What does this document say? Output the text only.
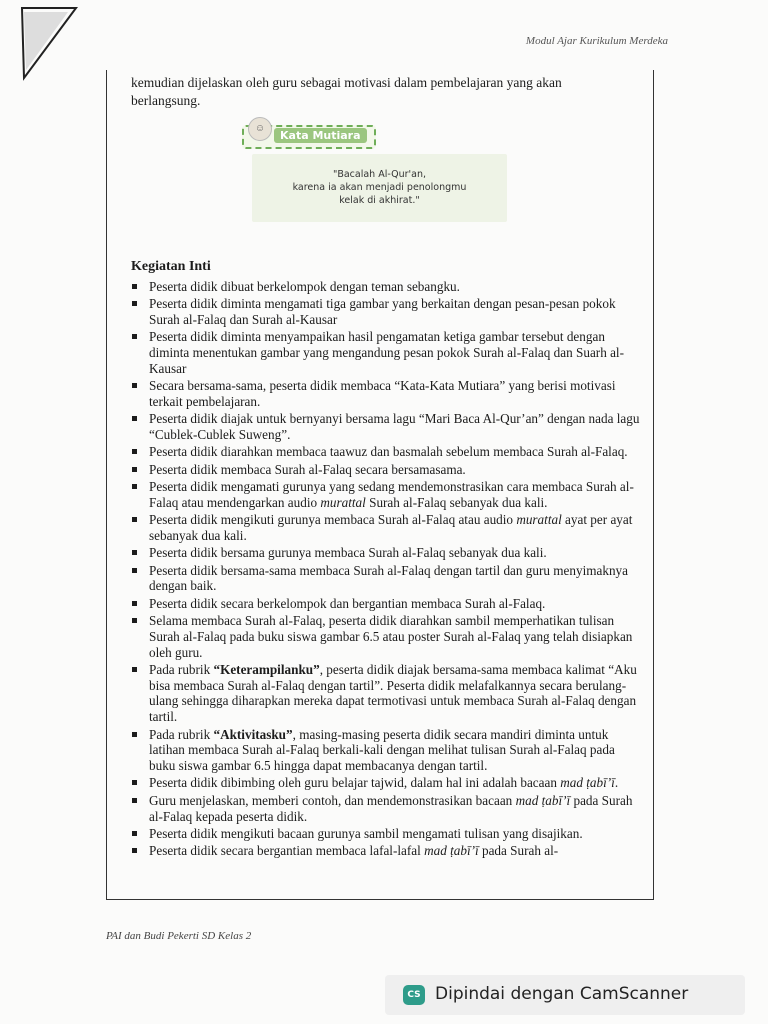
Modul Ajar Kurikulum Merdeka
kemudian dijelaskan oleh guru sebagai motivasi dalam pembelajaran yang akan berlangsung.
☺
Kata Mutiara
"Bacalah Al-Qur'an,
karena ia akan menjadi penolongmu
kelak di akhirat."
Kegiatan Inti
Peserta didik dibuat berkelompok dengan teman sebangku.
Peserta didik diminta mengamati tiga gambar yang berkaitan dengan pesan-pesan pokok Surah al-Falaq dan Surah al-Kausar
Peserta didik diminta menyampaikan hasil pengamatan ketiga gambar tersebut dengan diminta menentukan gambar yang mengandung pesan pokok Surah al-Falaq dan Suarh al-Kausar
Secara bersama-sama, peserta didik membaca “Kata-Kata Mutiara” yang berisi motivasi terkait pembelajaran.
Peserta didik diajak untuk bernyanyi bersama lagu “Mari Baca Al-Qur’an” dengan nada lagu “Cublek-Cublek Suweng”.
Peserta didik diarahkan membaca taawuz dan basmalah sebelum membaca Surah al-Falaq.
Peserta didik membaca Surah al-Falaq secara bersamasama.
Peserta didik mengamati gurunya yang sedang mendemonstrasikan cara membaca Surah al-Falaq atau mendengarkan audio murattal Surah al-Falaq sebanyak dua kali.
Peserta didik mengikuti gurunya membaca Surah al-Falaq atau audio murattal ayat per ayat sebanyak dua kali.
Peserta didik bersama gurunya membaca Surah al-Falaq sebanyak dua kali.
Peserta didik bersama-sama membaca Surah al-Falaq dengan tartil dan guru menyimaknya dengan baik.
Peserta didik secara berkelompok dan bergantian membaca Surah al-Falaq.
Selama membaca Surah al-Falaq, peserta didik diarahkan sambil memperhatikan tulisan Surah al-Falaq pada buku siswa gambar 6.5 atau poster Surah al-Falaq yang telah disiapkan oleh guru.
Pada rubrik “Keterampilanku”, peserta didik diajak bersama-sama membaca kalimat “Aku bisa membaca Surah al-Falaq dengan tartil”. Peserta didik melafalkannya secara berulang-ulang sehingga diharapkan mereka dapat termotivasi untuk membaca Surah al-Falaq dengan tartil.
Pada rubrik “Aktivitasku”, masing-masing peserta didik secara mandiri diminta untuk latihan membaca Surah al-Falaq berkali-kali dengan melihat tulisan Surah al-Falaq pada buku siswa gambar 6.5 hingga dapat membacanya dengan tartil.
Peserta didik dibimbing oleh guru belajar tajwid, dalam hal ini adalah bacaan mad ṭabī’ī.
Guru menjelaskan, memberi contoh, dan mendemonstrasikan bacaan mad ṭabī’ī pada Surah al-Falaq kepada peserta didik.
Peserta didik mengikuti bacaan gurunya sambil mengamati tulisan yang disajikan.
Peserta didik secara bergantian membaca lafal-lafal mad ṭabī’ī pada Surah al-
PAI dan Budi Pekerti SD Kelas 2
CS Dipindai dengan CamScanner
